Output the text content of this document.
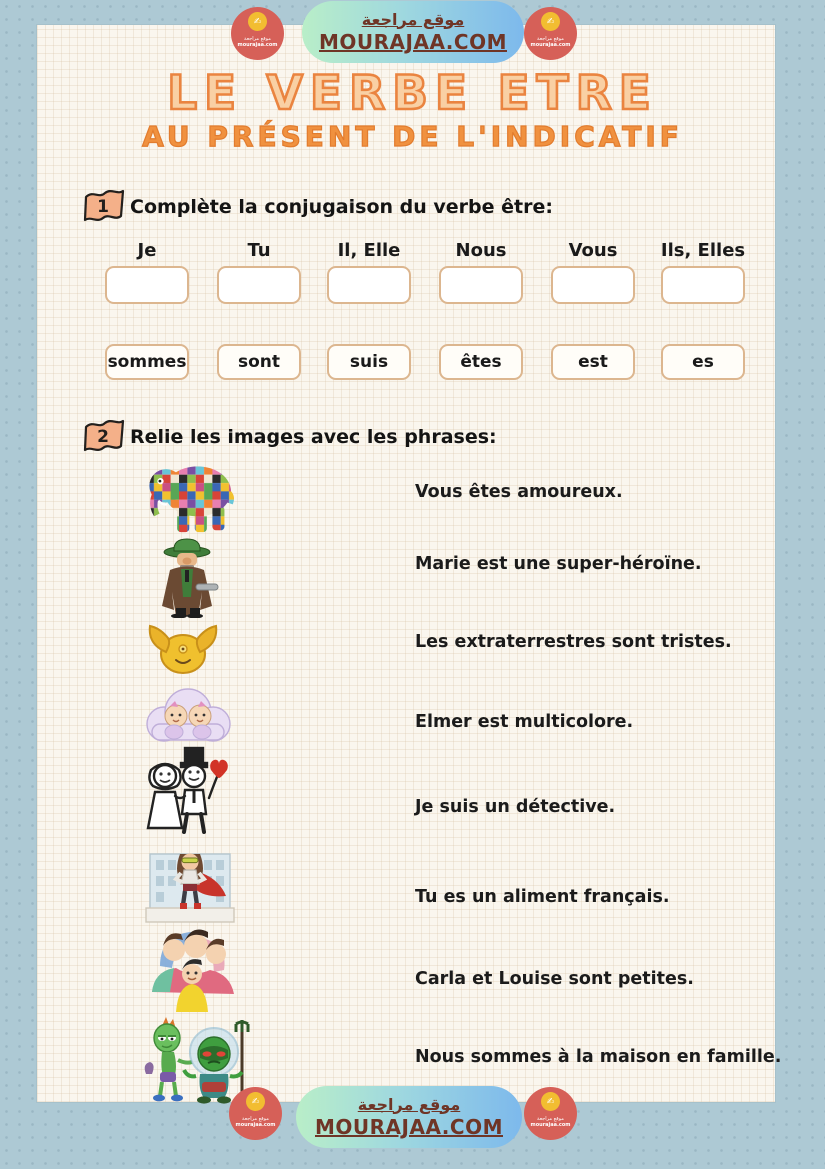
✍
موقع مراجعة
mourajaa.com
موقع مراجعة
MOURAJAA.COM
✍
موقع مراجعة
mourajaa.com
LE VERBE ETRE
AU PRÉSENT DE L'INDICATIF
1 Complète la conjugaison du verbe être:
Je	Tu	Il, Elle	Nous	Vous	Ils, Elles
sommes	sont	suis	êtes	est	es
2 Relie les images avec les phrases:
Vous êtes amoureux.
Marie est une super-héroïne.
Les extraterrestres sont tristes.
Elmer est multicolore.
Je suis un détective.
Tu es un aliment français.
Carla et Louise sont petites.
Nous sommes à la maison en famille.
✍
موقع مراجعة
mourajaa.com
موقع مراجعة
MOURAJAA.COM
✍
موقع مراجعة
mourajaa.com
